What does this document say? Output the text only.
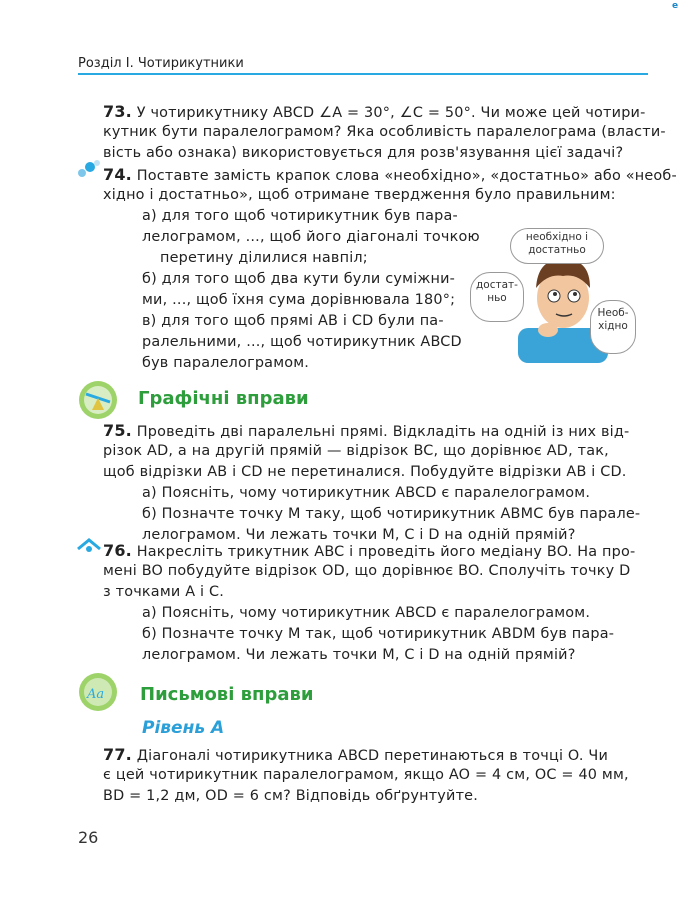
Розділ I. Чотирикутники
e
73. У чотирикутнику ABCD ∠A = 30°, ∠C = 50°. Чи може цей чотири-
кутник бути паралелограмом? Яка особливість паралелограма (власти-
вість або ознака) використовується для розв'язування цієї задачі?
74. Поставте замість крапок слова «необхідно», «достатньо» або «необ-
хідно і достатньо», щоб отримане твердження було правильним:
а) для того щоб чотирикутник був пара-
лелограмом, ..., щоб його діагоналі точкою
перетину ділилися навпіл;
б) для того щоб два кути були суміжни-
ми, ..., щоб їхня сума дорівнювала 180°;
в) для того щоб прямі AB і CD були па-
ралельними, ..., щоб чотирикутник ABCD
був паралелограмом.
необхідно і достатньо
достат-ньо
Необ-хідно
Графічні вправи
75. Проведіть дві паралельні прямі. Відкладіть на одній із них від-
різок AD, а на другій прямій — відрізок BC, що дорівнює AD, так,
щоб відрізки AB і CD не перетиналися. Побудуйте відрізки AB і CD.
а) Поясніть, чому чотирикутник ABCD є паралелограмом.
б) Позначте точку M таку, щоб чотирикутник ABMC був парале-
лелограмом. Чи лежать точки M, C і D на одній прямій?
76. Накресліть трикутник ABC і проведіть його медіану BO. На про-
мені BO побудуйте відрізок OD, що дорівнює BO. Сполучіть точку D
з точками A і C.
а) Поясніть, чому чотирикутник ABCD є паралелограмом.
б) Позначте точку M так, щоб чотирикутник ABDM був пара-
лелограмом. Чи лежать точки M, C і D на одній прямій?
Aa Письмові вправи
Рівень А
77. Діагоналі чотирикутника ABCD перетинаються в точці O. Чи
є цей чотирикутник паралелограмом, якщо AO = 4 см, OC = 40 мм,
BD = 1,2 дм, OD = 6 см? Відповідь обґрунтуйте.
26
